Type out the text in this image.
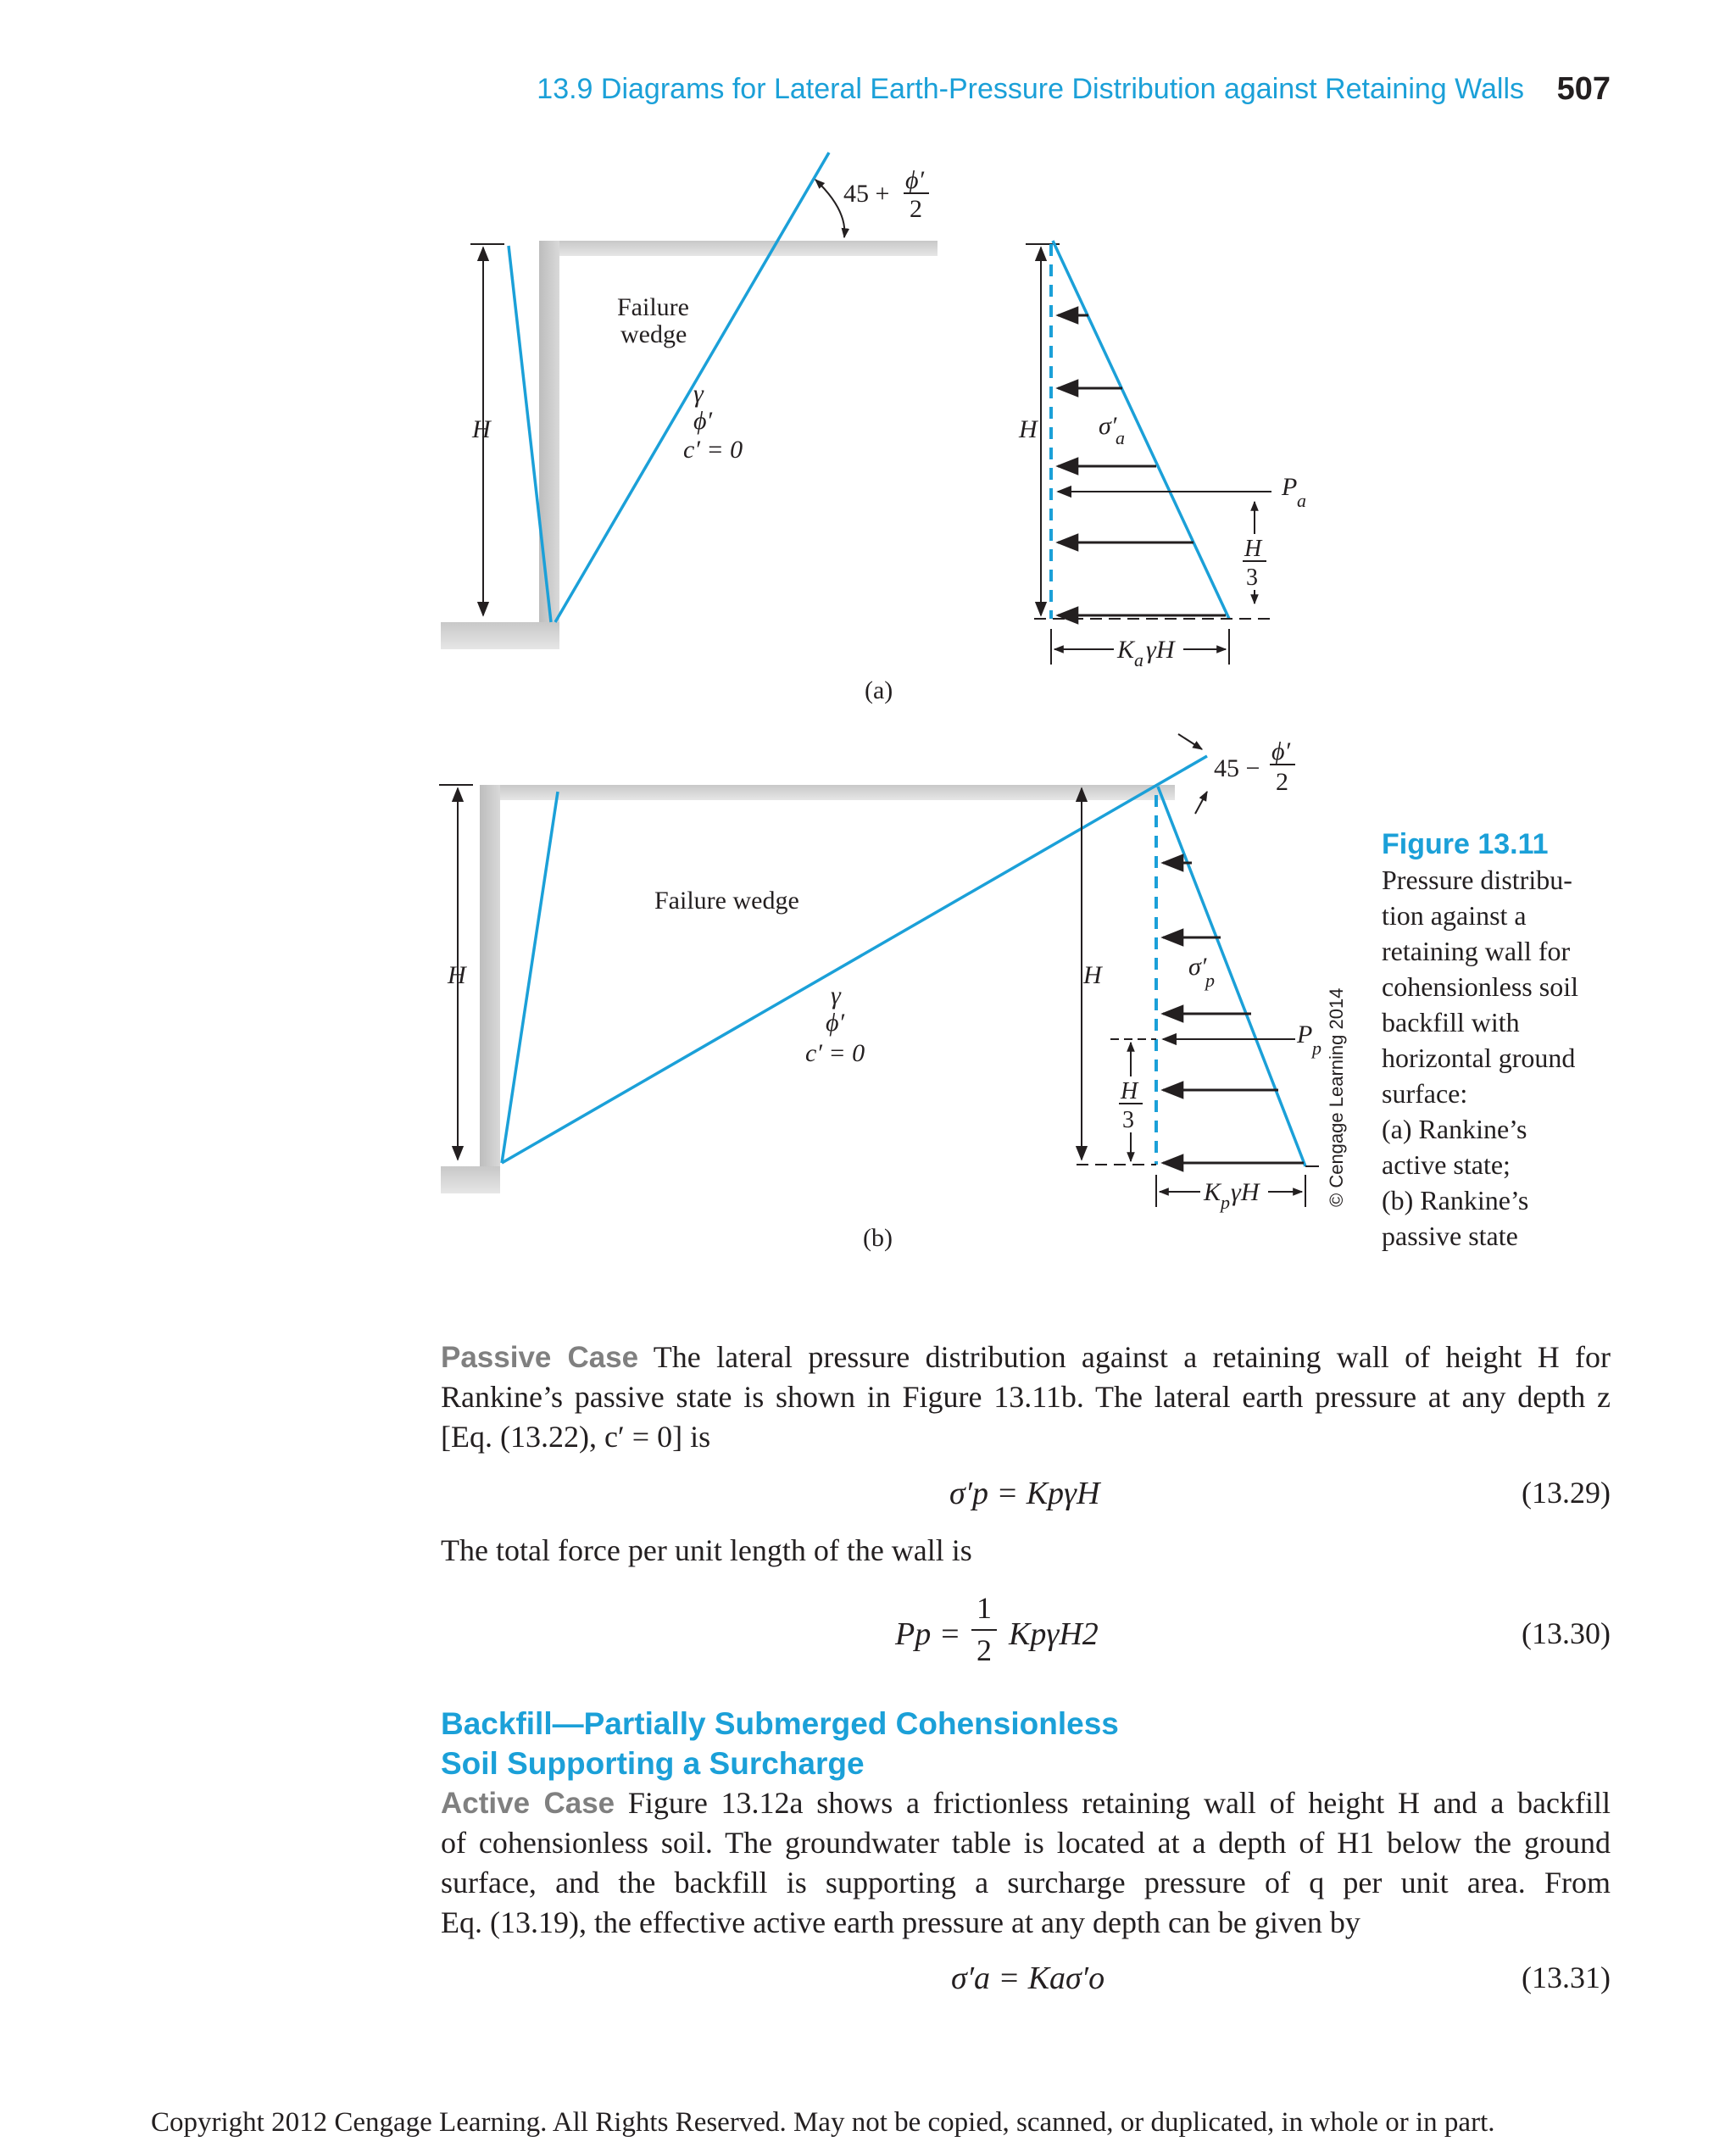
13.9 Diagrams for Lateral Earth-Pressure Distribution against Retaining Walls 507
H
45 + ϕ′
2
Failure
wedge
γ
ϕ′
c′ = 0
H σ′
a
P a
H
3
K a γH
(a)
H
45 −
ϕ′
2
Failure wedge
γ
ϕ′
c′ = 0
H	σ′
p
P p
H
3
K p γH
(b)
© Cengage Learning 2014
Figure 13.11
Pressure distribu-
tion against a
retaining wall for
cohensionless soil
backfill with
horizontal ground
surface:
(a) Rankine’s
active state;
(b) Rankine’s
passive state
Passive Case The lateral pressure distribution against a retaining wall of height H for
Rankine’s passive state is shown in Figure 13.11b. The lateral earth pressure at any depth z
[Eq. (13.22), c′ = 0] is
σ′p = KpγH	(13.29)
The total force per unit length of the wall is
Pp =
1
2 KpγH2	(13.30)
Backfill—Partially Submerged Cohensionless
Soil Supporting a Surcharge
Active Case Figure 13.12a shows a frictionless retaining wall of height H and a backfill
of cohensionless soil. The groundwater table is located at a depth of H1 below the ground
surface, and the backfill is supporting a surcharge pressure of q per unit area. From
Eq. (13.19), the effective active earth pressure at any depth can be given by
σ′a = Kaσ′o	(13.31)
Copyright 2012 Cengage Learning. All Rights Reserved. May not be copied, scanned, or duplicated, in whole or in part.
